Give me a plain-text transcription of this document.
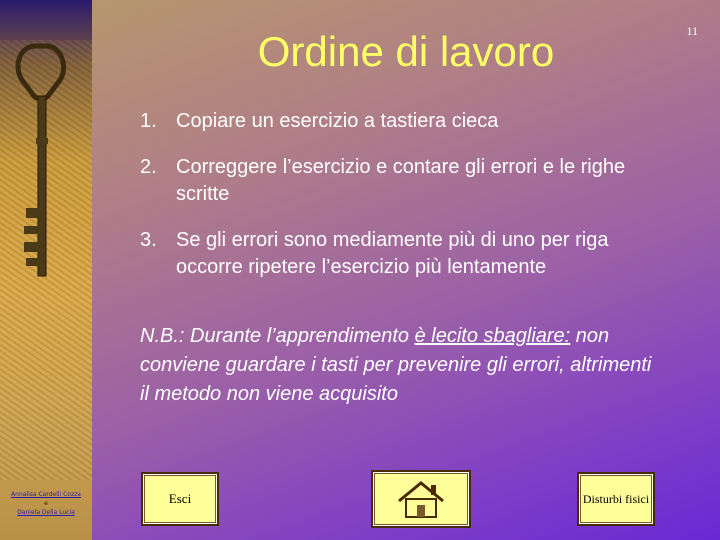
Annalisa Cardelli Cozza
e
Daniela Della Lucia
11
Ordine di lavoro
1. Copiare un esercizio a tastiera cieca
2. Correggere l’esercizio e contare gli errori e le righe scritte
3. Se gli errori sono mediamente più di uno per riga occorre ripetere l’esercizio più lentamente
N.B.: Durante l’apprendimento è lecito sbagliare: non conviene guardare i tasti per prevenire gli errori, altrimenti il metodo non viene acquisito
Esci	Disturbi fisici
